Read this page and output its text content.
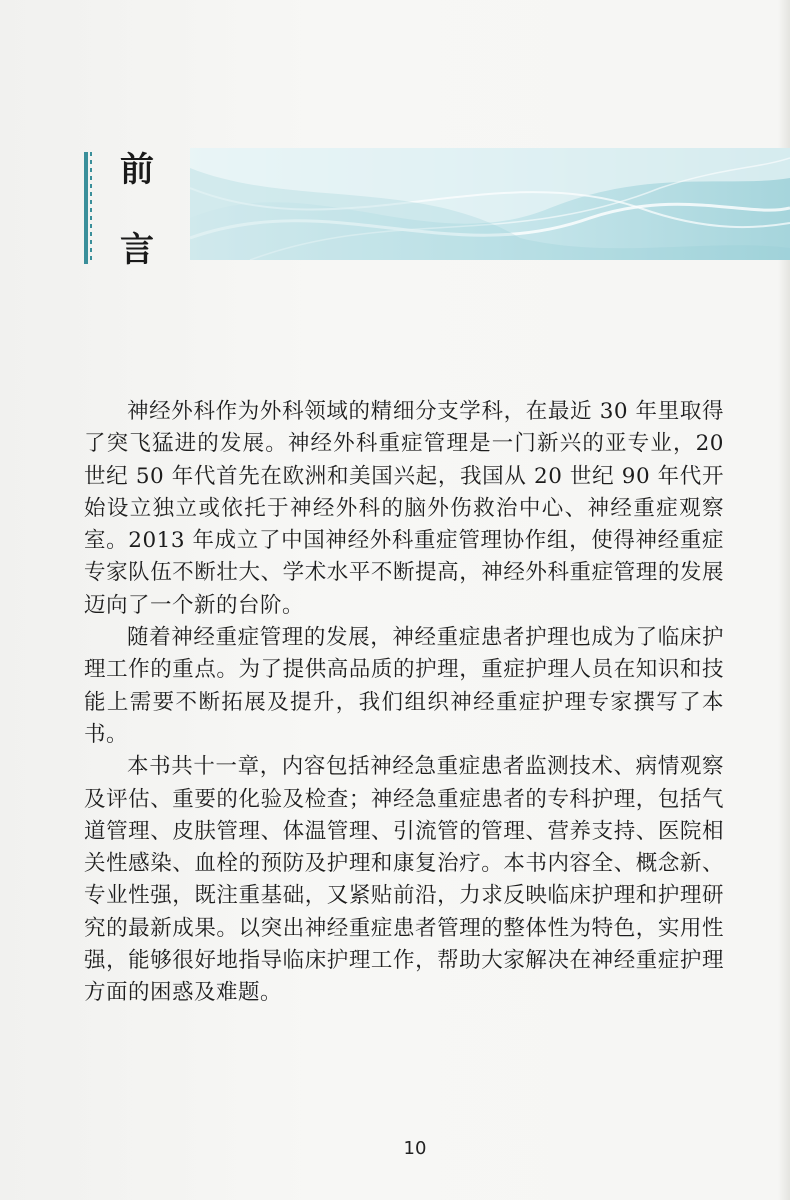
前
言

神经外科作为外科领域的精细分支学科，在最近 30 年里取得了突飞猛进的发展。神经外科重症管理是一门新兴的亚专业，20 世纪 50 年代首先在欧洲和美国兴起，我国从 20 世纪 90 年代开始设立独立或依托于神经外科的脑外伤救治中心、神经重症观察室。2013 年成立了中国神经外科重症管理协作组，使得神经重症专家队伍不断壮大、学术水平不断提高，神经外科重症管理的发展迈向了一个新的台阶。

随着神经重症管理的发展，神经重症患者护理也成为了临床护理工作的重点。为了提供高品质的护理，重症护理人员在知识和技能上需要不断拓展及提升，我们组织神经重症护理专家撰写了本书。

本书共十一章，内容包括神经急重症患者监测技术、病情观察及评估、重要的化验及检查；神经急重症患者的专科护理，包括气道管理、皮肤管理、体温管理、引流管的管理、营养支持、医院相关性感染、血栓的预防及护理和康复治疗。本书内容全、概念新、专业性强，既注重基础，又紧贴前沿，力求反映临床护理和护理研究的最新成果。以突出神经重症患者管理的整体性为特色，实用性强，能够很好地指导临床护理工作，帮助大家解决在神经重症护理方面的困惑及难题。

10
